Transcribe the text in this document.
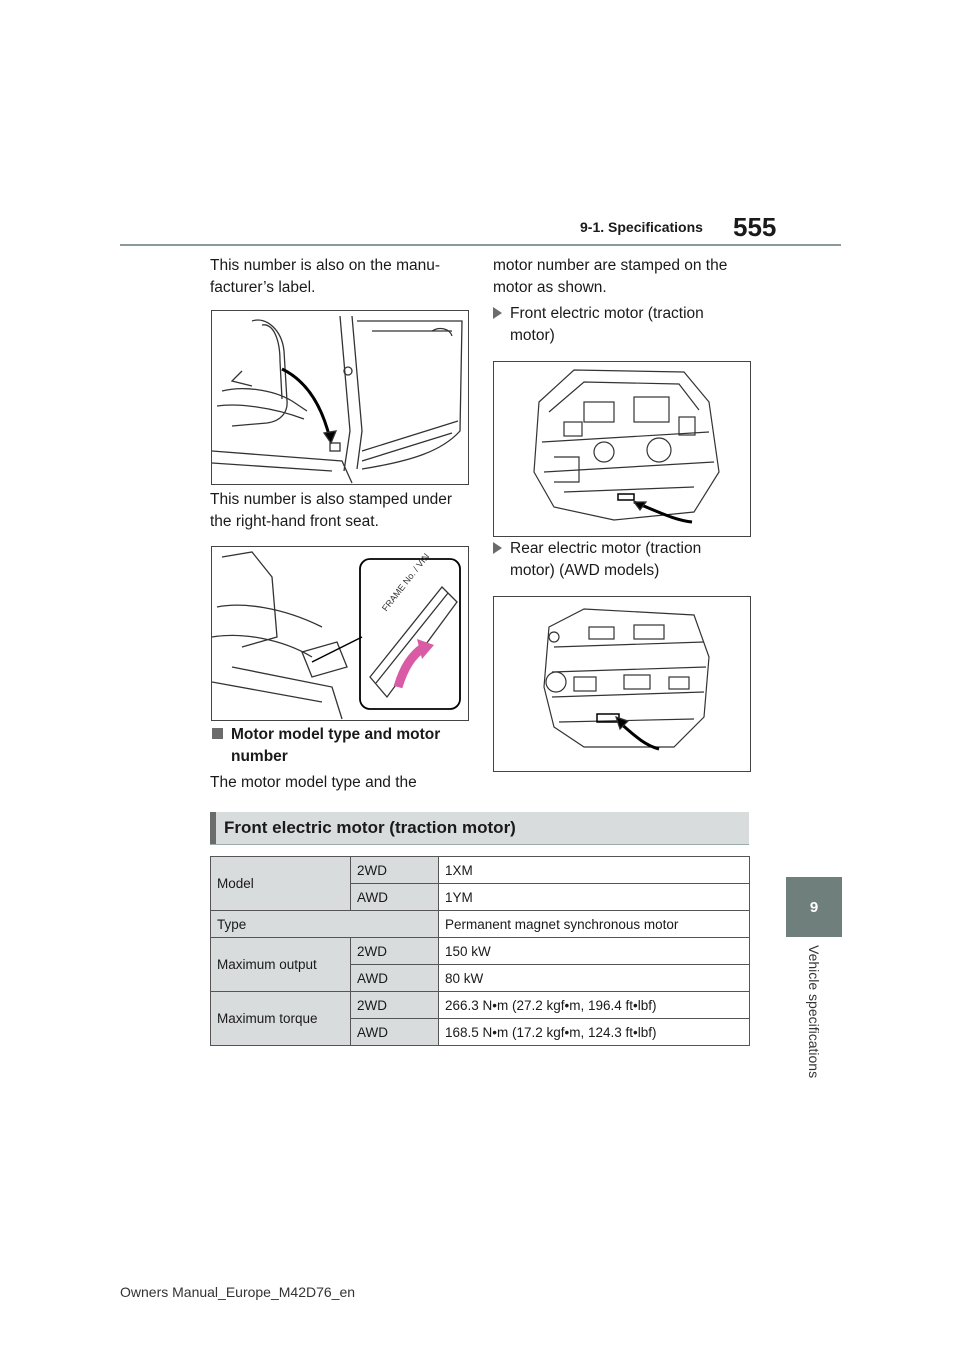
9-1. Specifications 555
9
Vehicle specifications
This number is also on the manu-
facturer’s label.
This number is also stamped under
the right-hand front seat.
FRAME No. / VIN
Motor model type and motor
number
The motor model type and the
motor number are stamped on the
motor as shown.
Front electric motor (traction
motor)
Rear electric motor (traction
motor) (AWD models)
Front electric motor (traction motor)
Model	2WD	1XM
	AWD	1YM
Type		Permanent magnet synchronous motor
Maximum output	2WD	150 kW
	AWD	80 kW
Maximum torque	2WD	266.3 N•m (27.2 kgf•m, 196.4 ft•lbf)
	AWD	168.5 N•m (17.2 kgf•m, 124.3 ft•lbf)
Owners Manual_Europe_M42D76_en
